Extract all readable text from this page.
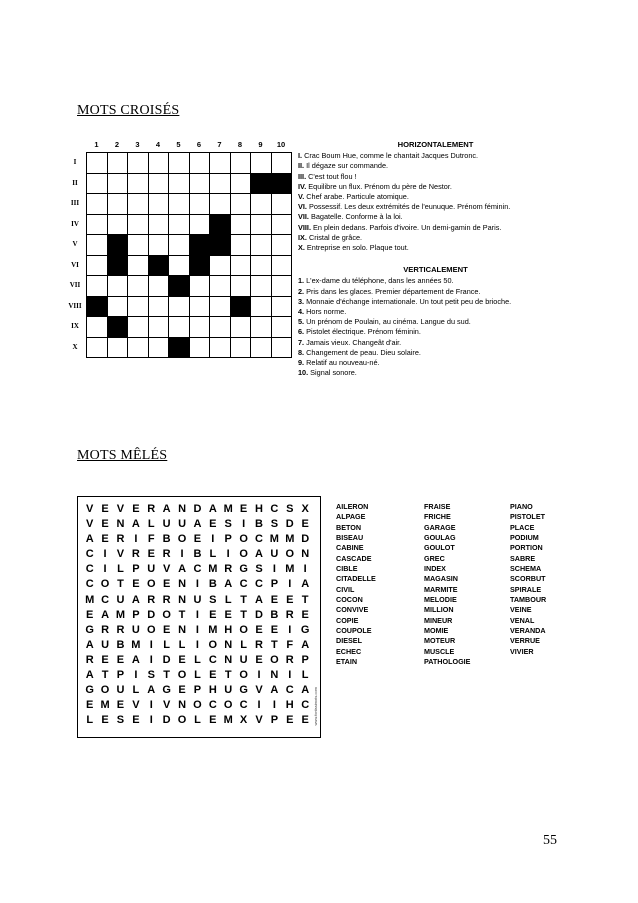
MOTS CROISÉS
1	2	3	4	5	6	7	8	9	10
I
II
III
IV
V
VI
VII
VIII
IX
X
HORIZONTALEMENT
I. Crac Boum Hue, comme le chantait Jacques Dutronc.
II. Il dégaze sur commande.
III. C'est tout flou !
IV. Equilibre un flux. Prénom du père de Nestor.
V. Chef arabe. Particule atomique.
VI. Possessif. Les deux extrémités de l'eunuque. Prénom féminin.
VII. Bagatelle. Conforme à la loi.
VIII. En plein dedans. Parfois d'ivoire. Un demi-gamin de Paris.
IX. Cristal de grâce.
X. Entreprise en solo. Plaque tout.
VERTICALEMENT
1. L'ex-dame du téléphone, dans les années 50.
2. Pris dans les glaces. Premier département de France.
3. Monnaie d'échange internationale. Un tout petit peu de brioche.
4. Hors norme.
5. Un prénom de Poulain, au cinéma. Langue du sud.
6. Pistolet électrique. Prénom féminin.
7. Jamais vieux. Changeât d'air.
8. Changement de peau. Dieu solaire.
9. Relatif au nouveau-né.
10. Signal sonore.
MOTS MÊLÉS
V E V E R A N D A M E H C S X
V E N A L U U A E S I B S D E
A E R I F B O E I P O C M M D
C I V R E R I B L I O A U O N
C I L P U V A C M R G S I M I
C O T E O E N I B A C C P I A
M C U A R R N U S L T A E E T
E A M P D O T I E E T D B R E
G R R U O E N I M H O E E I G
A U B M I L L I O N L R T F A
R E E A I D E L C N U E O R P
A T P I S T O L E T O I N I L
G O U L A G E P H U G V A C A
E M E V I V N O C O C I	I H C
L E S E I D O L E M X V P E E	www.fortissimots.com
AILERON
ALPAGE
BETON
BISEAU
CABINE
CASCADE
CIBLE
CITADELLE
CIVIL
COCON
CONVIVE
COPIE
COUPOLE
DIESEL
ECHEC
ETAIN
FRAISE
FRICHE
GARAGE
GOULAG
GOULOT
GREC
INDEX
MAGASIN
MARMITE
MELODIE
MILLION
MINEUR
MOMIE
MOTEUR
MUSCLE
PATHOLOGIE
PIANO
PISTOLET
PLACE
PODIUM
PORTION
SABRE
SCHEMA
SCORBUT
SPIRALE
TAMBOUR
VEINE
VENAL
VERANDA
VERRUE
VIVIER
55
